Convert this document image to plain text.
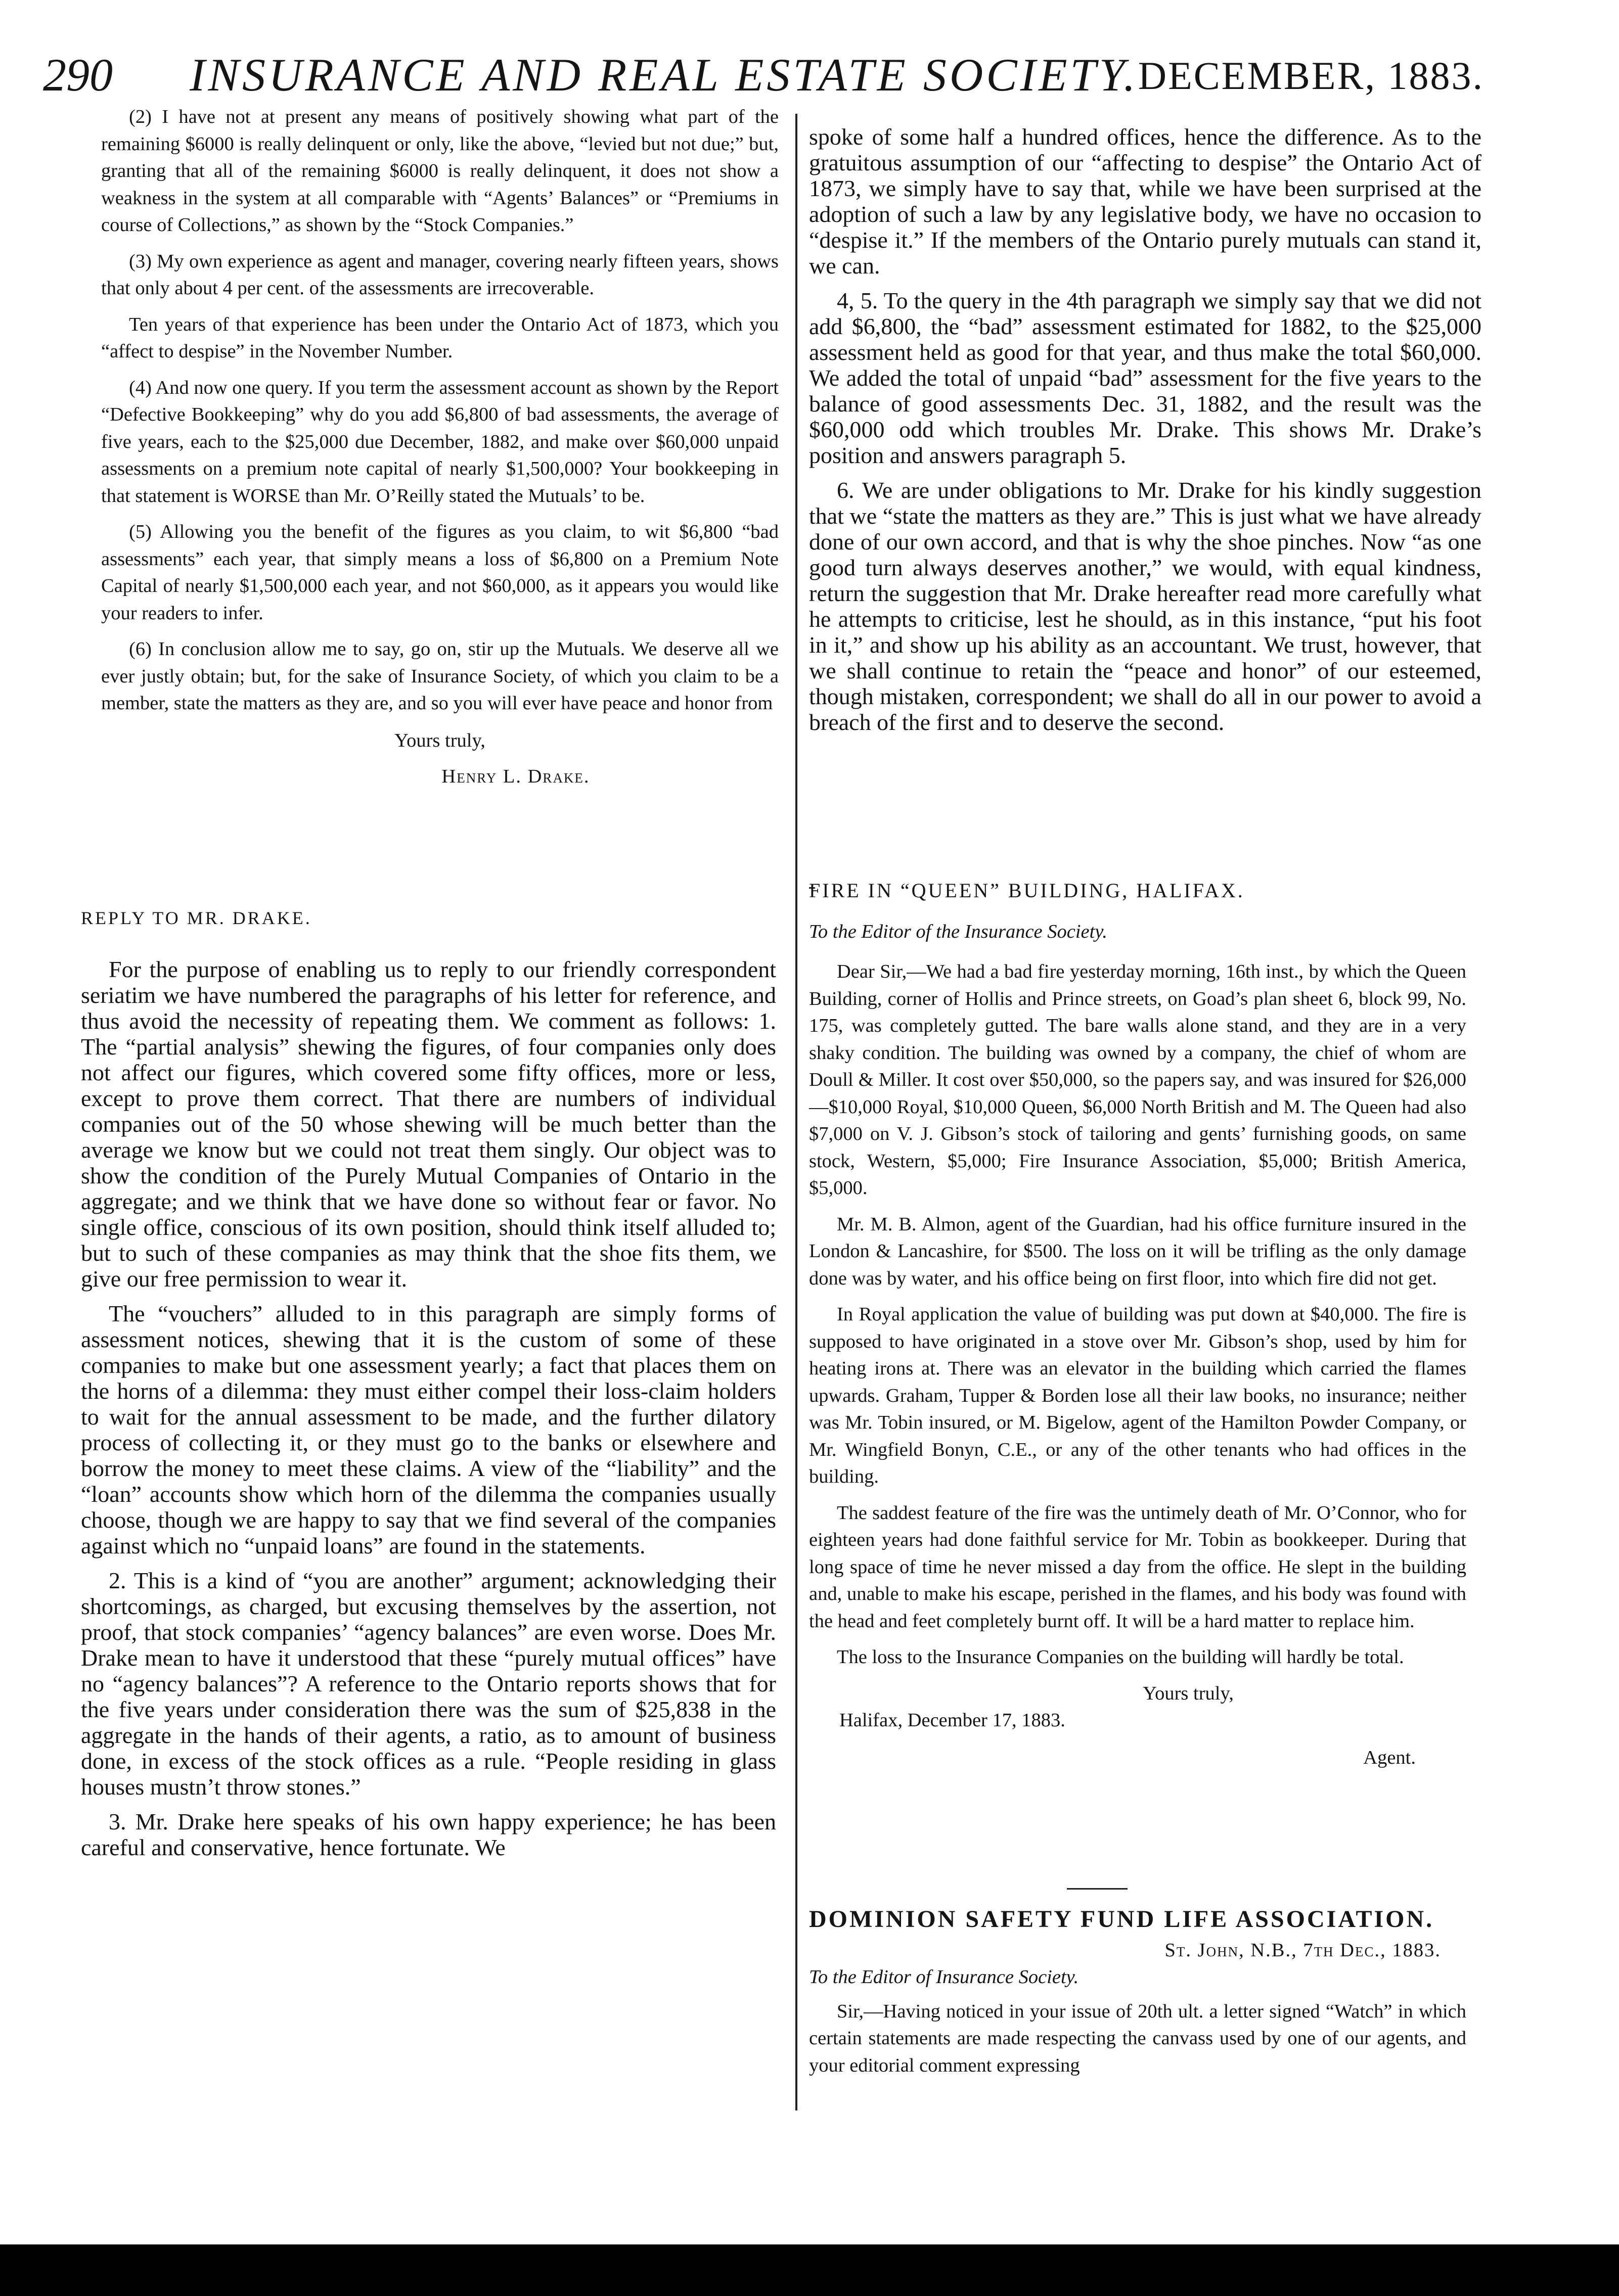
290 INSURANCE AND REAL ESTATE SOCIETY. DECEMBER, 1883.

(2) I have not at present any means of positively showing what part of the remaining $6000 is really delinquent or only, like the above, “levied but not due;” but, granting that all of the remaining $6000 is really delinquent, it does not show a weakness in the system at all comparable with “Agents’ Balances” or “Premiums in course of Collections,” as shown by the “Stock Companies.”

(3) My own experience as agent and manager, covering nearly fifteen years, shows that only about 4 per cent. of the assessments are irrecoverable.

Ten years of that experience has been under the Ontario Act of 1873, which you “affect to despise” in the November Number.

(4) And now one query. If you term the assessment account as shown by the Report “Defective Bookkeeping” why do you add $6,800 of bad assessments, the average of five years, each to the $25,000 due December, 1882, and make over $60,000 unpaid assessments on a premium note capital of nearly $1,500,000? Your bookkeeping in that statement is WORSE than Mr. O’Reilly stated the Mutuals’ to be.

(5) Allowing you the benefit of the figures as you claim, to wit $6,800 “bad assessments” each year, that simply means a loss of $6,800 on a Premium Note Capital of nearly $1,500,000 each year, and not $60,000, as it appears you would like your readers to infer.

(6) In conclusion allow me to say, go on, stir up the Mutuals. We deserve all we ever justly obtain; but, for the sake of Insurance Society, of which you claim to be a member, state the matters as they are, and so you will ever have peace and honor from

Yours truly,

Henry L. Drake.

REPLY TO MR. DRAKE.

For the purpose of enabling us to reply to our friendly correspondent seriatim we have numbered the paragraphs of his letter for reference, and thus avoid the necessity of repeating them. We comment as follows: 1. The “partial analysis” shewing the figures, of four companies only does not affect our figures, which covered some fifty offices, more or less, except to prove them correct. That there are numbers of individual companies out of the 50 whose shewing will be much better than the average we know but we could not treat them singly. Our object was to show the condition of the Purely Mutual Companies of Ontario in the aggregate; and we think that we have done so without fear or favor. No single office, conscious of its own position, should think itself alluded to; but to such of these companies as may think that the shoe fits them, we give our free permission to wear it.

The “vouchers” alluded to in this paragraph are simply forms of assessment notices, shewing that it is the custom of some of these companies to make but one assessment yearly; a fact that places them on the horns of a dilemma: they must either compel their loss-claim holders to wait for the annual assessment to be made, and the further dilatory process of collecting it, or they must go to the banks or elsewhere and borrow the money to meet these claims. A view of the “liability” and the “loan” accounts show which horn of the dilemma the companies usually choose, though we are happy to say that we find several of the companies against which no “unpaid loans” are found in the statements.

2. This is a kind of “you are another” argument; acknowledging their shortcomings, as charged, but excusing themselves by the assertion, not proof, that stock companies’ “agency balances” are even worse. Does Mr. Drake mean to have it understood that these “purely mutual offices” have no “agency balances”? A reference to the Ontario reports shows that for the five years under consideration there was the sum of $25,838 in the aggregate in the hands of their agents, a ratio, as to amount of business done, in excess of the stock offices as a rule. “People residing in glass houses mustn’t throw stones.”

3. Mr. Drake here speaks of his own happy experience; he has been careful and conservative, hence fortunate. We

spoke of some half a hundred offices, hence the difference. As to the gratuitous assumption of our “affecting to despise” the Ontario Act of 1873, we simply have to say that, while we have been surprised at the adoption of such a law by any legislative body, we have no occasion to “despise it.” If the members of the Ontario purely mutuals can stand it, we can.

4, 5. To the query in the 4th paragraph we simply say that we did not add $6,800, the “bad” assessment estimated for 1882, to the $25,000 assessment held as good for that year, and thus make the total $60,000. We added the total of unpaid “bad” assessment for the five years to the balance of good assessments Dec. 31, 1882, and the result was the $60,000 odd which troubles Mr. Drake. This shows Mr. Drake’s position and answers paragraph 5.

6. We are under obligations to Mr. Drake for his kindly suggestion that we “state the matters as they are.” This is just what we have already done of our own accord, and that is why the shoe pinches. Now “as one good turn always deserves another,” we would, with equal kindness, return the suggestion that Mr. Drake hereafter read more carefully what he attempts to criticise, lest he should, as in this instance, “put his foot in it,” and show up his ability as an accountant. We trust, however, that we shall continue to retain the “peace and honor” of our esteemed, though mistaken, correspondent; we shall do all in our power to avoid a breach of the first and to deserve the second.

FIRE IN “QUEEN” BUILDING, HALIFAX.

To the Editor of the Insurance Society.

Dear Sir,—We had a bad fire yesterday morning, 16th inst., by which the Queen Building, corner of Hollis and Prince streets, on Goad’s plan sheet 6, block 99, No. 175, was completely gutted. The bare walls alone stand, and they are in a very shaky condition. The building was owned by a company, the chief of whom are Doull & Miller. It cost over $50,000, so the papers say, and was insured for $26,000—$10,000 Royal, $10,000 Queen, $6,000 North British and M. The Queen had also $7,000 on V. J. Gibson’s stock of tailoring and gents’ furnishing goods, on same stock, Western, $5,000; Fire Insurance Association, $5,000; British America, $5,000.

Mr. M. B. Almon, agent of the Guardian, had his office furniture insured in the London & Lancashire, for $500. The loss on it will be trifling as the only damage done was by water, and his office being on first floor, into which fire did not get.

In Royal application the value of building was put down at $40,000. The fire is supposed to have originated in a stove over Mr. Gibson’s shop, used by him for heating irons at. There was an elevator in the building which carried the flames upwards. Graham, Tupper & Borden lose all their law books, no insurance; neither was Mr. Tobin insured, or M. Bigelow, agent of the Hamilton Powder Company, or Mr. Wingfield Bonyn, C.E., or any of the other tenants who had offices in the building.

The saddest feature of the fire was the untimely death of Mr. O’Connor, who for eighteen years had done faithful service for Mr. Tobin as bookkeeper. During that long space of time he never missed a day from the office. He slept in the building and, unable to make his escape, perished in the flames, and his body was found with the head and feet completely burnt off. It will be a hard matter to replace him.

The loss to the Insurance Companies on the building will hardly be total.

Yours truly,

Halifax, December 17, 1883.

Agent.

DOMINION SAFETY FUND LIFE ASSOCIATION.

St. John, N.B., 7th Dec., 1883.

To the Editor of Insurance Society.

Sir,—Having noticed in your issue of 20th ult. a letter signed “Watch” in which certain statements are made respecting the canvass used by one of our agents, and your editorial comment expressing
